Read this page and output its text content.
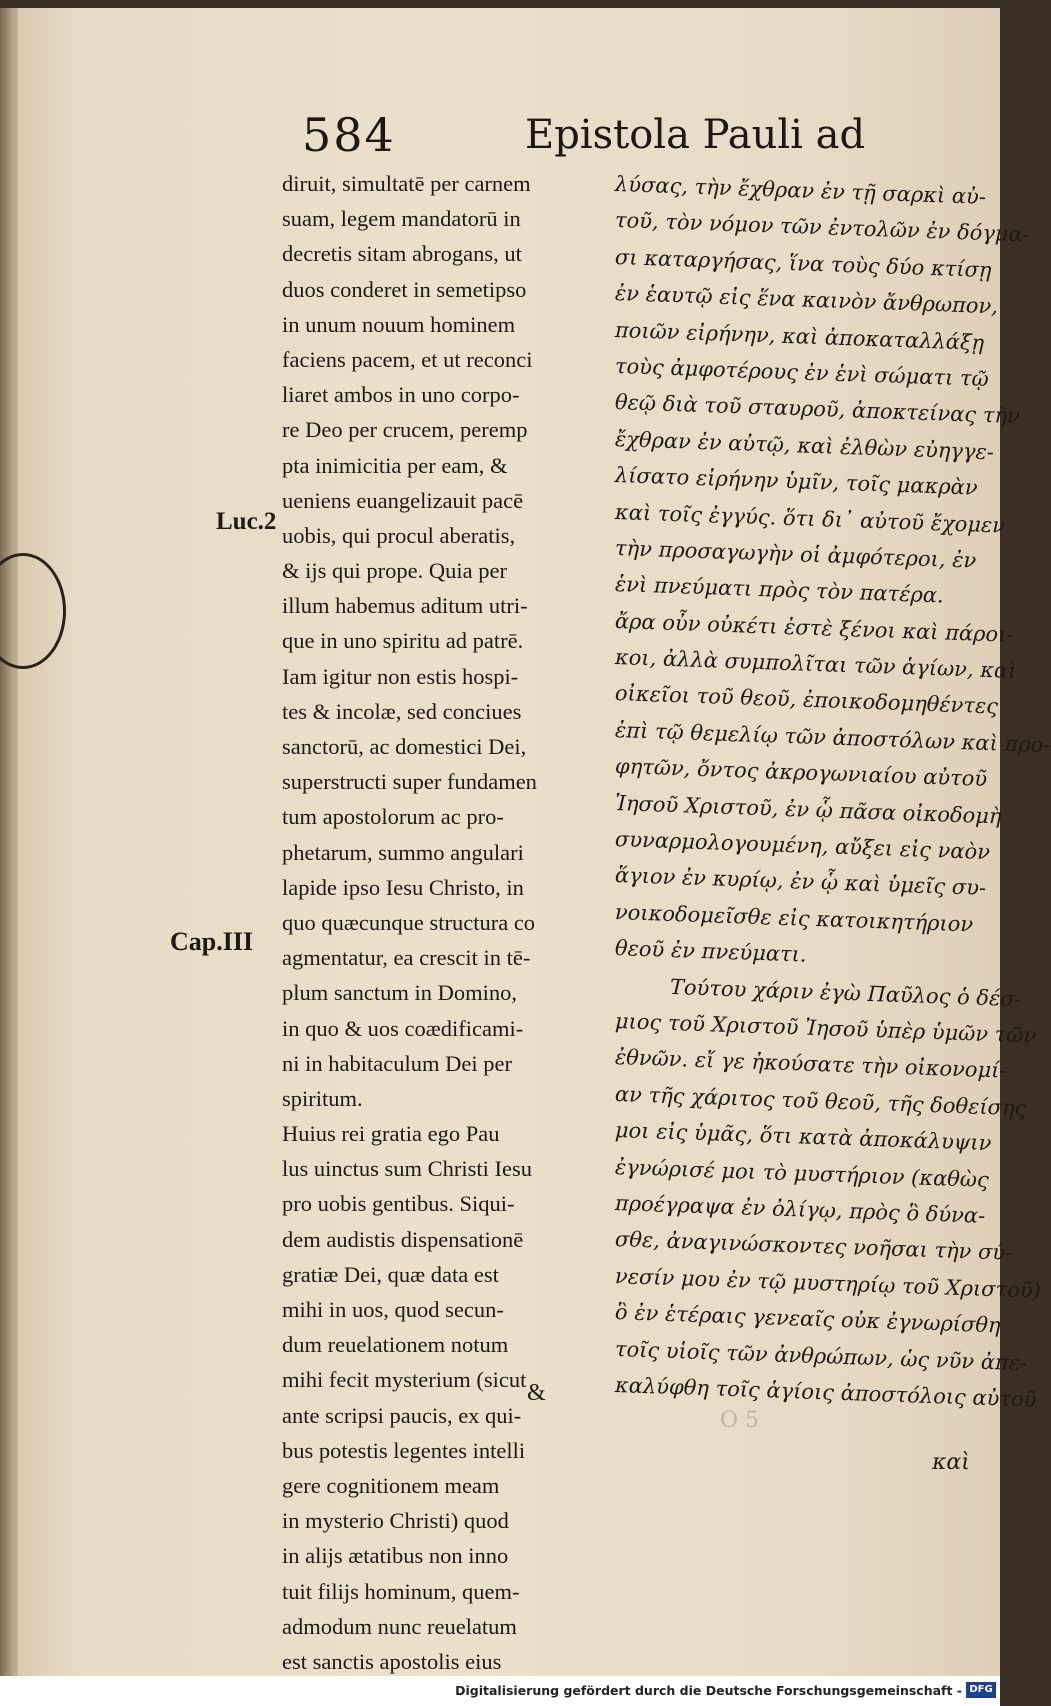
584	Epistola Pauli ad
Luc.2
Cap.III
diruit, simultatē per carnem
suam, legem mandatorū in
decretis sitam abrogans, ut
duos conderet in semetipso
in unum nouum hominem
faciens pacem, et ut reconci
liaret ambos in uno corpo-
re Deo per crucem, peremp
pta inimicitia per eam, &
ueniens euangelizauit pacē
uobis, qui procul aberatis,
& ijs qui prope. Quia per
illum habemus aditum utri-
que in uno spiritu ad patrē.
Iam igitur non estis hospi-
tes & incolæ, sed conciues
sanctorū, ac domestici Dei,
superstructi super fundamen
tum apostolorum ac pro-
phetarum, summo angulari
lapide ipso Iesu Christo, in
quo quæcunque structura co
agmentatur, ea crescit in tē-
plum sanctum in Domino,
in quo & uos coædificami-
ni in habitaculum Dei per
spiritum.
Huius rei gratia ego Pau
lus uinctus sum Christi Iesu
pro uobis gentibus. Siqui-
dem audistis dispensationē
gratiæ Dei, quæ data est
mihi in uos, quod secun-
dum reuelationem notum
mihi fecit mysterium (sicut
ante scripsi paucis, ex qui-
bus potestis legentes intelli
gere cognitionem meam
in mysterio Christi) quod
in alijs ætatibus non inno
tuit filijs hominum, quem-
admodum nunc reuelatum
est sanctis apostolis eius
λύσας, τὴν ἔχθραν ἐν τῇ σαρκὶ αὐ-
τοῦ, τὸν νόμον τῶν ἐντολῶν ἐν δόγμα-
σι καταργήσας, ἵνα τοὺς δύο κτίσῃ
ἐν ἑαυτῷ εἰς ἕνα καινὸν ἄνθρωπον,
ποιῶν εἰρήνην, καὶ ἀποκαταλλάξῃ
τοὺς ἀμφοτέρους ἐν ἑνὶ σώματι τῷ
θεῷ διὰ τοῦ σταυροῦ, ἀποκτείνας τὴν
ἔχθραν ἐν αὐτῷ, καὶ ἐλθὼν εὐηγγε-
λίσατο εἰρήνην ὑμῖν, τοῖς μακρὰν
καὶ τοῖς ἐγγύς. ὅτι δι᾽ αὐτοῦ ἔχομεν
τὴν προσαγωγὴν οἱ ἀμφότεροι, ἐν
ἑνὶ πνεύματι πρὸς τὸν πατέρα.
ἄρα οὖν οὐκέτι ἐστὲ ξένοι καὶ πάροι-
κοι, ἀλλὰ συμπολῖται τῶν ἁγίων, καὶ
οἰκεῖοι τοῦ θεοῦ, ἐποικοδομηθέντες
ἐπὶ τῷ θεμελίῳ τῶν ἀποστόλων καὶ προ-
φητῶν, ὄντος ἀκρογωνιαίου αὐτοῦ
Ἰησοῦ Χριστοῦ, ἐν ᾧ πᾶσα οἰκοδομὴ
συναρμολογουμένη, αὔξει εἰς ναὸν
ἅγιον ἐν κυρίῳ, ἐν ᾧ καὶ ὑμεῖς συ-
νοικοδομεῖσθε εἰς κατοικητήριον
θεοῦ ἐν πνεύματι.
Τούτου χάριν ἐγὼ Παῦλος ὁ δέσ-
μιος τοῦ Χριστοῦ Ἰησοῦ ὑπὲρ ὑμῶν τῶν
ἐθνῶν. εἴ γε ἠκούσατε τὴν οἰκονομί-
αν τῆς χάριτος τοῦ θεοῦ, τῆς δοθείσης
μοι εἰς ὑμᾶς, ὅτι κατὰ ἀποκάλυψιν
ἐγνώρισέ μοι τὸ μυστήριον (καθὼς
προέγραψα ἐν ὀλίγῳ, πρὸς ὃ δύνα-
σθε, ἀναγινώσκοντες νοῆσαι τὴν σύ-
νεσίν μου ἐν τῷ μυστηρίῳ τοῦ Χριστοῦ)
ὃ ἐν ἑτέραις γενεαῖς οὐκ ἐγνωρίσθη
τοῖς υἱοῖς τῶν ἀνθρώπων, ὡς νῦν ἀπε-
καλύφθη τοῖς ἁγίοις ἀποστόλοις αὐτοῦ
&
καὶ
O 5
Digitalisierung gefördert durch die Deutsche Forschungsgemeinschaft - DFG
